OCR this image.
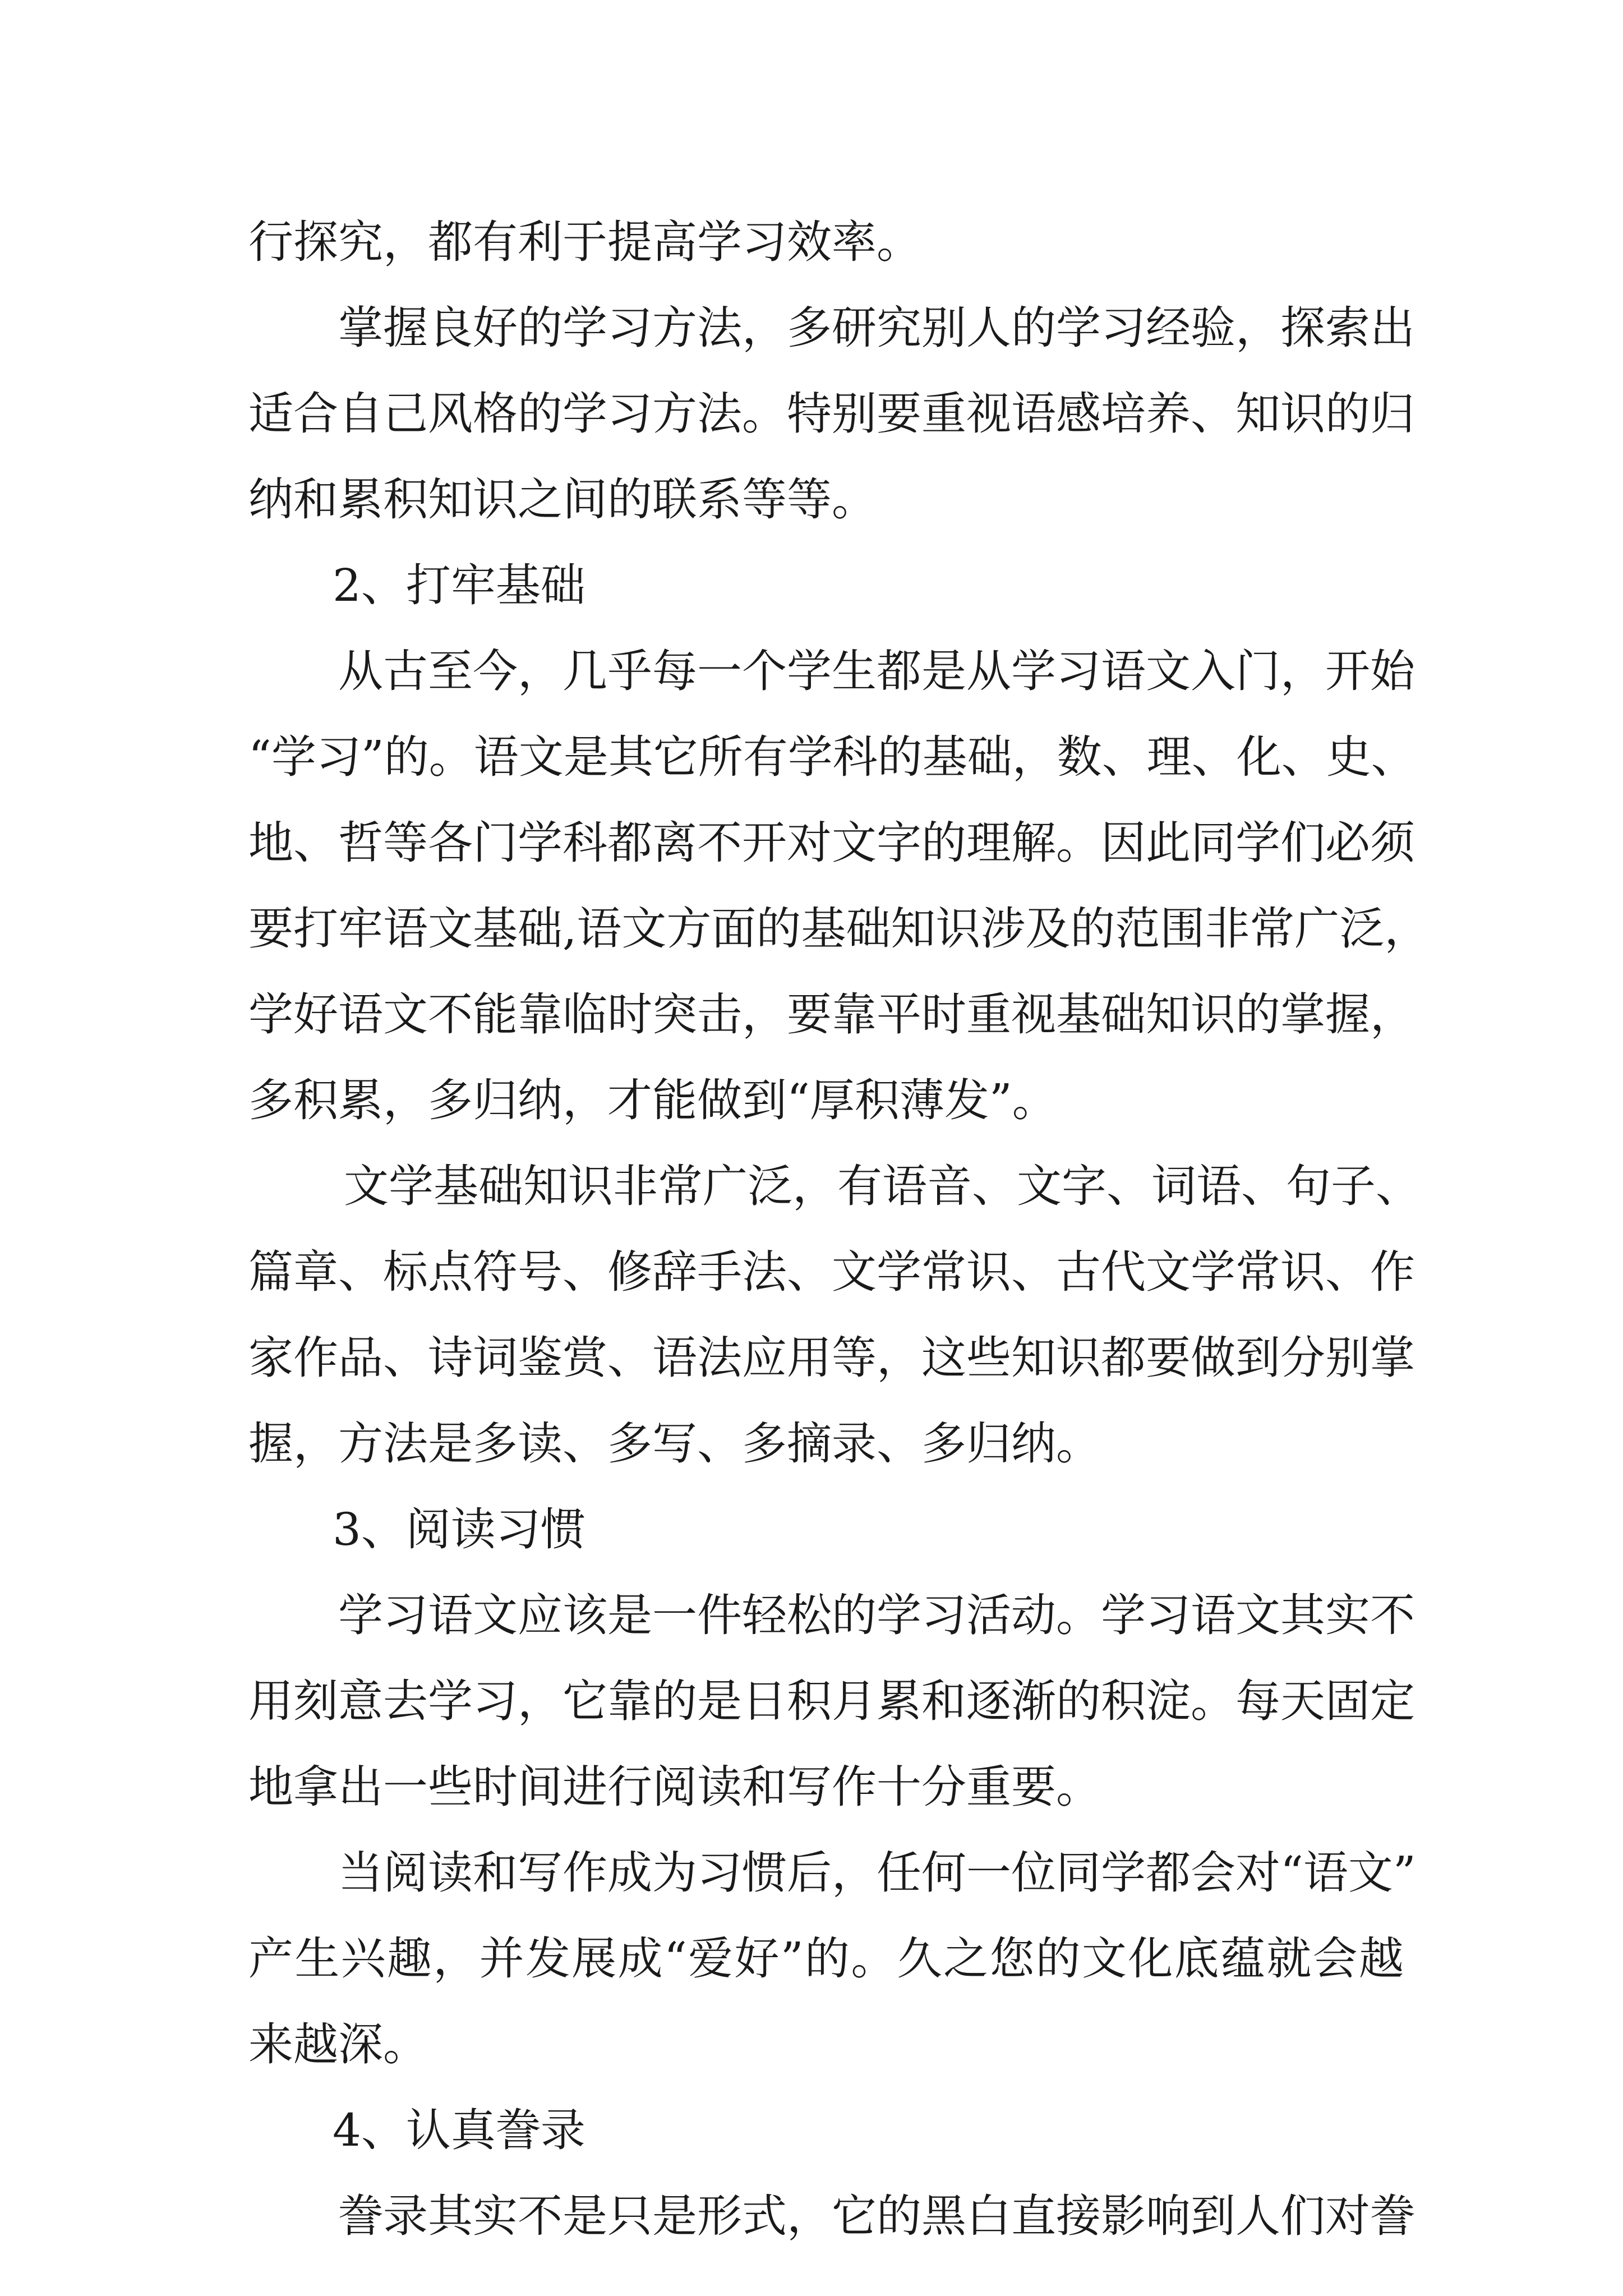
行探究，都有利于提高学习效率。
掌握良好的学习方法，多研究别人的学习经验，探索出
适合自己风格的学习方法。特别要重视语感培养、知识的归
纳和累积知识之间的联系等等。
2、打牢基础
从古至今，几乎每一个学生都是从学习语文入门，开始
“学习”的。语文是其它所有学科的基础，数、理、化、史、
地、哲等各门学科都离不开对文字的理解。因此同学们必须
要打牢语文基础,语文方面的基础知识涉及的范围非常广泛，
学好语文不能靠临时突击，要靠平时重视基础知识的掌握，
多积累，多归纳，才能做到“厚积薄发”。
文学基础知识非常广泛，有语音、文字、词语、句子、
篇章、标点符号、修辞手法、文学常识、古代文学常识、作
家作品、诗词鉴赏、语法应用等，这些知识都要做到分别掌
握，方法是多读、多写、多摘录、多归纳。
3、阅读习惯
学习语文应该是一件轻松的学习活动。学习语文其实不
用刻意去学习，它靠的是日积月累和逐渐的积淀。每天固定
地拿出一些时间进行阅读和写作十分重要。
当阅读和写作成为习惯后，任何一位同学都会对“语文”
产生兴趣，并发展成“爱好”的。久之您的文化底蕴就会越
来越深。
4、认真誊录
誊录其实不是只是形式，它的黑白直接影响到人们对誊
